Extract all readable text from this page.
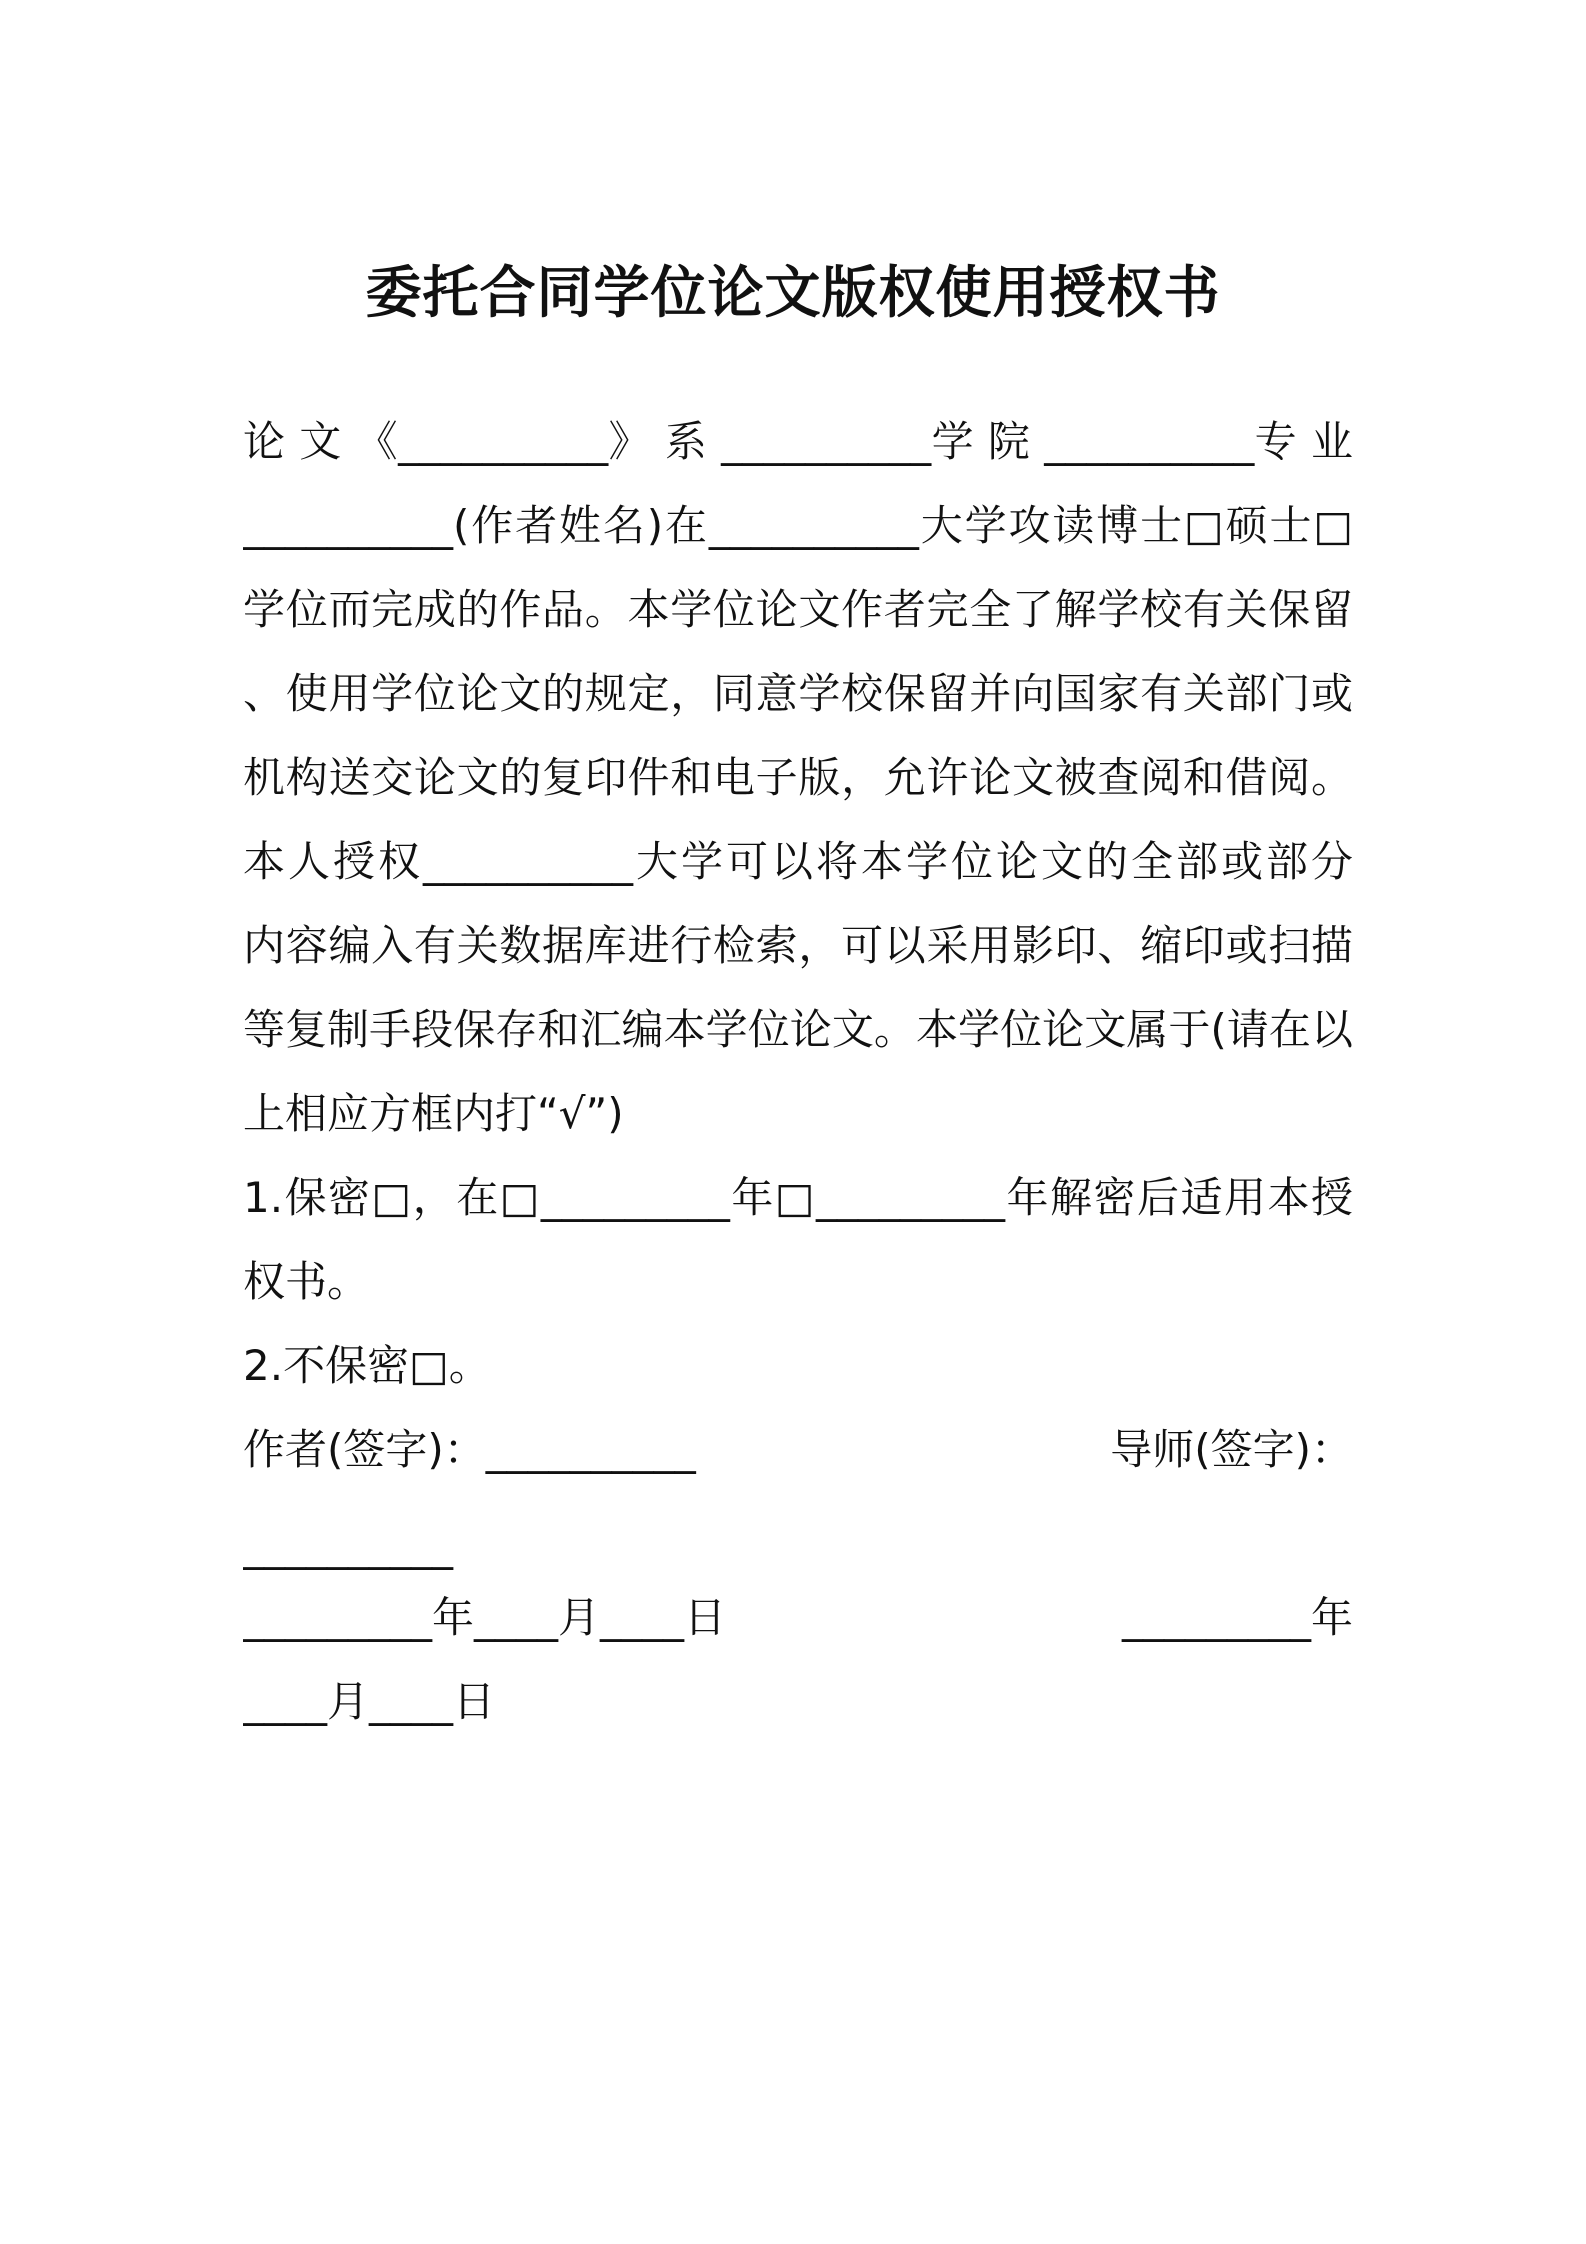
委托合同学位论文版权使用授权书
论 文 《__________》 系 __________学 院 __________专 业
__________(作者姓名)在__________大学攻读博士□硕士□
学位而完成的作品。本学位论文作者完全了解学校有关保留
、使用学位论文的规定，同意学校保留并向国家有关部门或
机构送交论文的复印件和电子版，允许论文被查阅和借阅。
本人授权__________大学可以将本学位论文的全部或部分
内容编入有关数据库进行检索，可以采用影印、缩印或扫描
等复制手段保存和汇编本学位论文。本学位论文属于(请在以
上相应方框内打“√”)
1.保密□，在□_________年□_________年解密后适用本授
权书。
2.不保密□。
作者(签字)：__________	导师(签字)：
__________
_________年____月____日	_________年
____月____日
